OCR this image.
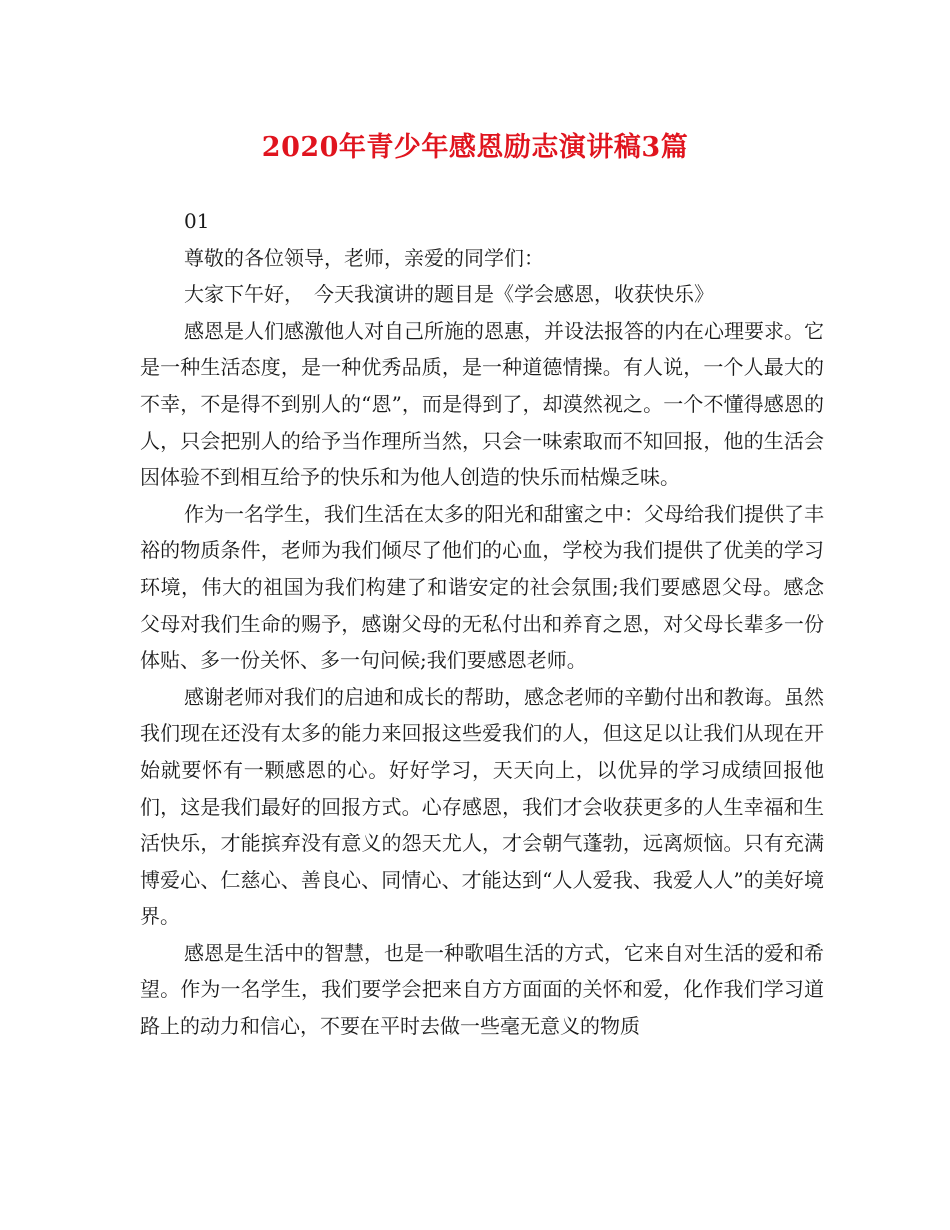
2020年青少年感恩励志演讲稿3篇

01

尊敬的各位领导，老师，亲爱的同学们：

大家下午好，　今天我演讲的题目是《学会感恩，收获快乐》

感恩是人们感激他人对自己所施的恩惠，并设法报答的内在心理要求。它是一种生活态度，是一种优秀品质，是一种道德情操。有人说，一个人最大的不幸，不是得不到别人的“恩”，而是得到了，却漠然视之。一个不懂得感恩的人，只会把别人的给予当作理所当然，只会一味索取而不知回报，他的生活会因体验不到相互给予的快乐和为他人创造的快乐而枯燥乏味。

作为一名学生，我们生活在太多的阳光和甜蜜之中：父母给我们提供了丰裕的物质条件，老师为我们倾尽了他们的心血，学校为我们提供了优美的学习环境，伟大的祖国为我们构建了和谐安定的社会氛围;我们要感恩父母。感念父母对我们生命的赐予，感谢父母的无私付出和养育之恩，对父母长辈多一份体贴、多一份关怀、多一句问候;我们要感恩老师。

感谢老师对我们的启迪和成长的帮助，感念老师的辛勤付出和教诲。虽然我们现在还没有太多的能力来回报这些爱我们的人，但这足以让我们从现在开始就要怀有一颗感恩的心。好好学习，天天向上，以优异的学习成绩回报他们，这是我们最好的回报方式。心存感恩，我们才会收获更多的人生幸福和生活快乐，才能摈弃没有意义的怨天尤人，才会朝气蓬勃，远离烦恼。只有充满博爱心、仁慈心、善良心、同情心、才能达到“人人爱我、我爱人人”的美好境界。

感恩是生活中的智慧，也是一种歌唱生活的方式，它来自对生活的爱和希望。作为一名学生，我们要学会把来自方方面面的关怀和爱，化作我们学习道路上的动力和信心，不要在平时去做一些毫无意义的物质
